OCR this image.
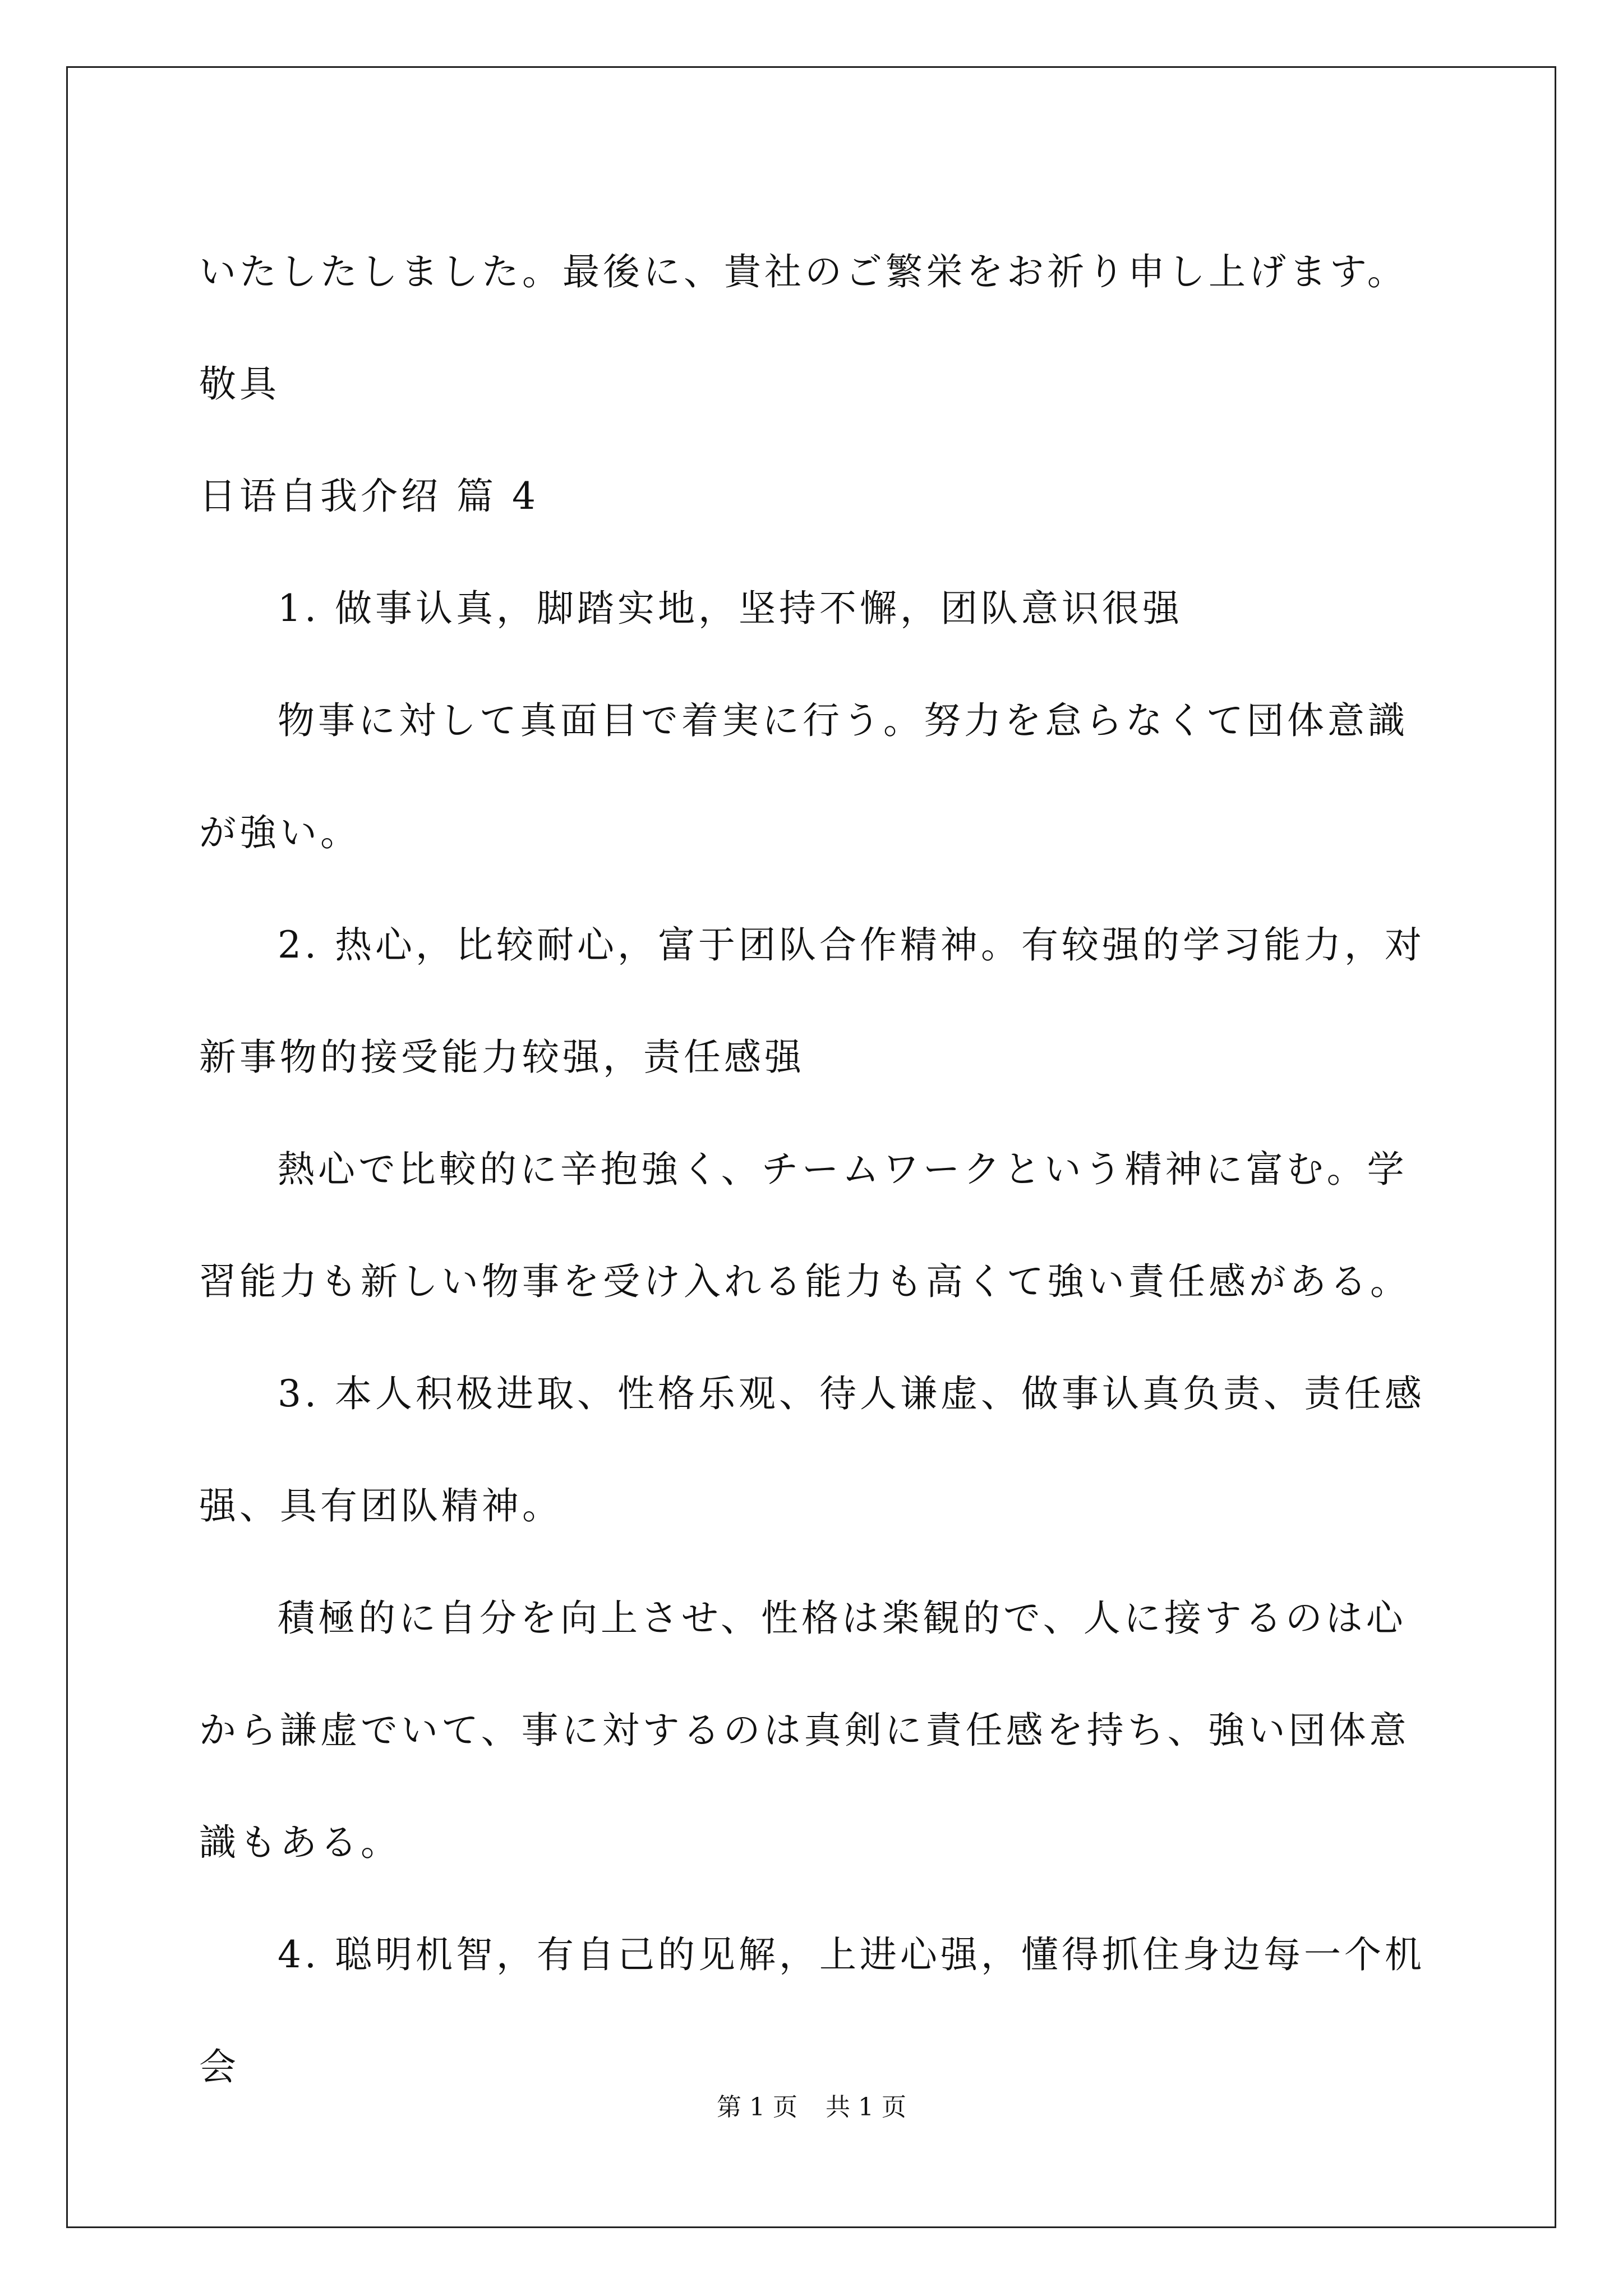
いたしたしました。最後に、貴社のご繁栄をお祈り申し上げます。

敬具

日语自我介绍 篇 4

1. 做事认真，脚踏实地，坚持不懈，团队意识很强

物事に対して真面目で着実に行う。努力を怠らなくて団体意識が強い。

2. 热心，比较耐心，富于团队合作精神。有较强的学习能力，对新事物的接受能力较强，责任感强

熱心で比較的に辛抱強く、チームワークという精神に富む。学習能力も新しい物事を受け入れる能力も高くて強い責任感がある。

3. 本人积极进取、性格乐观、待人谦虚、做事认真负责、责任感强、具有团队精神。

積極的に自分を向上させ、性格は楽観的で、人に接するのは心から謙虚でいて、事に対するのは真剣に責任感を持ち、強い団体意識もある。

4. 聪明机智，有自己的见解，上进心强，懂得抓住身边每一个机会

第 1 页 共 1 页
